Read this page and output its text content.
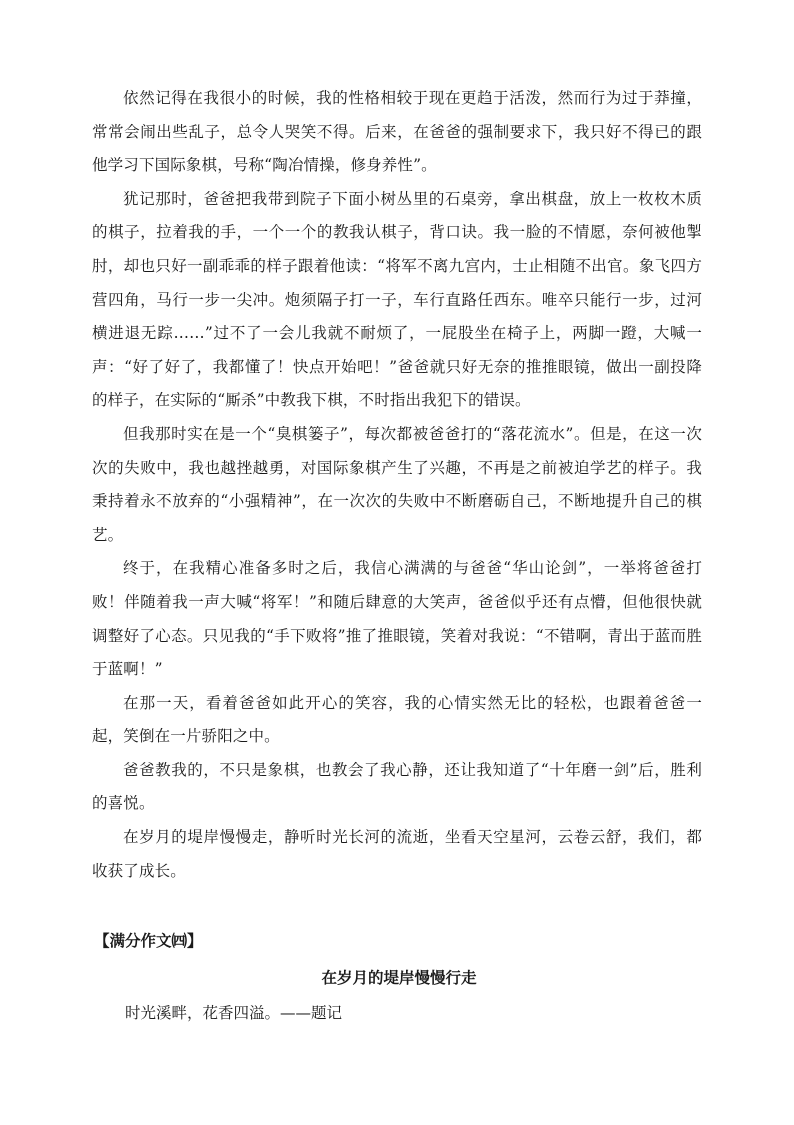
依然记得在我很小的时候，我的性格相较于现在更趋于活泼，然而行为过于莽撞，常常会闹出些乱子，总令人哭笑不得。后来，在爸爸的强制要求下，我只好不得已的跟他学习下国际象棋，号称“陶冶情操，修身养性”。

犹记那时，爸爸把我带到院子下面小树丛里的石桌旁，拿出棋盘，放上一枚枚木质的棋子，拉着我的手，一个一个的教我认棋子，背口诀。我一脸的不情愿，奈何被他掣肘，却也只好一副乖乖的样子跟着他读：“将军不离九宫内，士止相随不出官。象飞四方营四角，马行一步一尖冲。炮须隔子打一子，车行直路任西东。唯卒只能行一步，过河横进退无踪……”过不了一会儿我就不耐烦了，一屁股坐在椅子上，两脚一蹬，大喊一声：“好了好了，我都懂了！快点开始吧！”爸爸就只好无奈的推推眼镜，做出一副投降的样子，在实际的“厮杀”中教我下棋，不时指出我犯下的错误。

但我那时实在是一个“臭棋篓子”，每次都被爸爸打的“落花流水”。但是，在这一次次的失败中，我也越挫越勇，对国际象棋产生了兴趣，不再是之前被迫学艺的样子。我秉持着永不放弃的“小强精神”，在一次次的失败中不断磨砺自己，不断地提升自己的棋艺。

终于，在我精心准备多时之后，我信心满满的与爸爸“华山论剑”，一举将爸爸打败！伴随着我一声大喊“将军！”和随后肆意的大笑声，爸爸似乎还有点懵，但他很快就调整好了心态。只见我的“手下败将”推了推眼镜，笑着对我说：“不错啊，青出于蓝而胜于蓝啊！”

在那一天，看着爸爸如此开心的笑容，我的心情实然无比的轻松，也跟着爸爸一起，笑倒在一片骄阳之中。

爸爸教我的，不只是象棋，也教会了我心静，还让我知道了“十年磨一剑”后，胜利的喜悦。

在岁月的堤岸慢慢走，静听时光长河的流逝，坐看天空星河，云卷云舒，我们，都收获了成长。

【满分作文㈣】
在岁月的堤岸慢慢行走

时光溪畔，花香四溢。——题记
